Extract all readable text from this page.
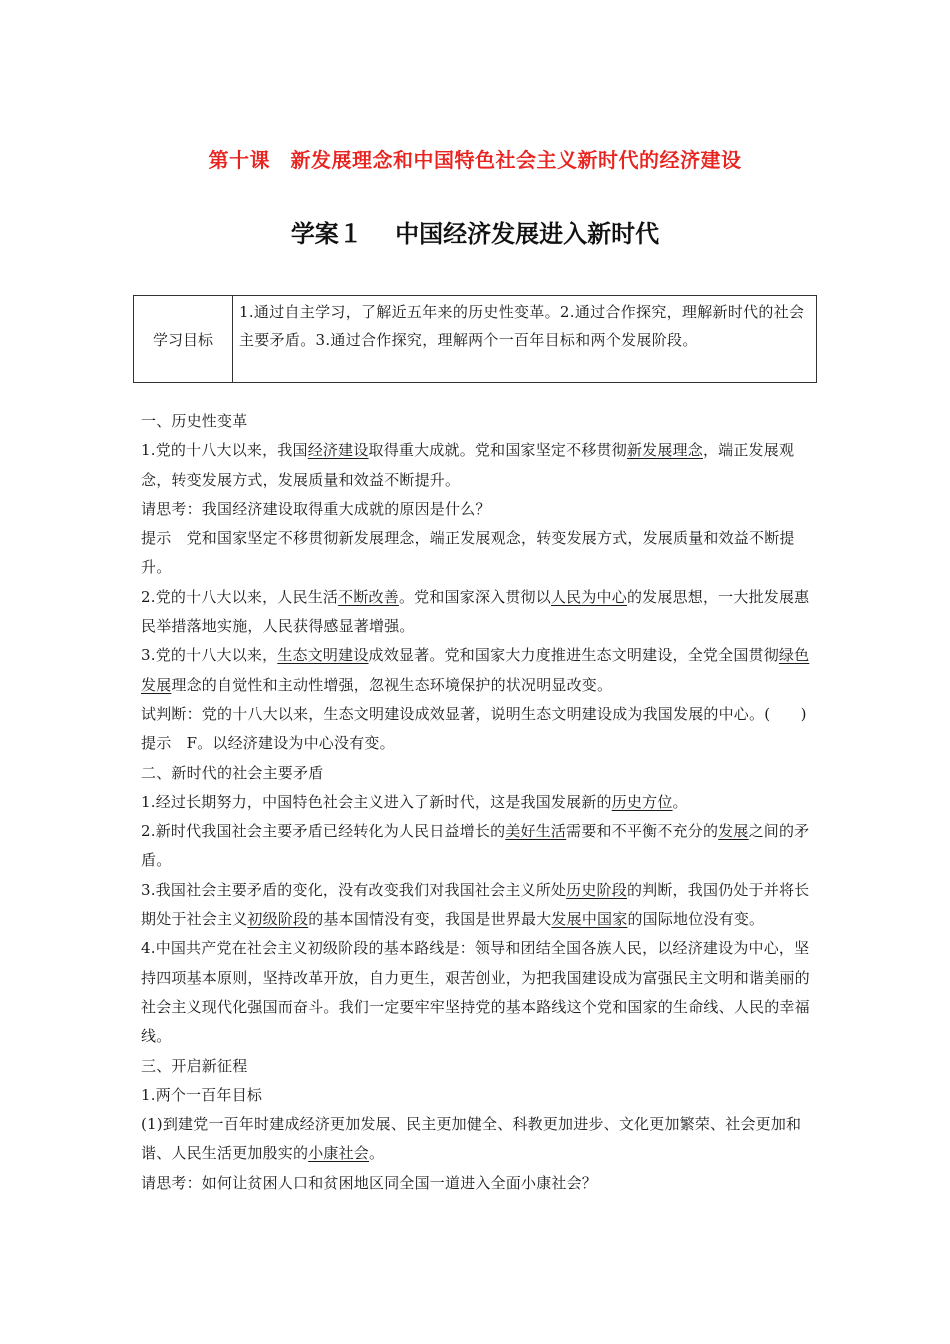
第十课　新发展理念和中国特色社会主义新时代的经济建设
学案１　 中国经济发展进入新时代
学习目标
1.通过自主学习，了解近五年来的历史性变革。2.通过合作探究，理解新时代的社会主要矛盾。3.通过合作探究，理解两个一百年目标和两个发展阶段。

一、历史性变革

1.党的十八大以来，我国经济建设取得重大成就。党和国家坚定不移贯彻新发展理念，端正发展观念，转变发展方式，发展质量和效益不断提升。

请思考：我国经济建设取得重大成就的原因是什么？

提示　党和国家坚定不移贯彻新发展理念，端正发展观念，转变发展方式，发展质量和效益不断提升。

2.党的十八大以来，人民生活不断改善。党和国家深入贯彻以人民为中心的发展思想，一大批发展惠民举措落地实施，人民获得感显著增强。

3.党的十八大以来，生态文明建设成效显著。党和国家大力度推进生态文明建设，全党全国贯彻绿色发展理念的自觉性和主动性增强，忽视生态环境保护的状况明显改变。

试判断：党的十八大以来，生态文明建设成效显著，说明生态文明建设成为我国发展的中心。(　　)

提示　F。以经济建设为中心没有变。

二、新时代的社会主要矛盾

1.经过长期努力，中国特色社会主义进入了新时代，这是我国发展新的历史方位。

2.新时代我国社会主要矛盾已经转化为人民日益增长的美好生活需要和不平衡不充分的发展之间的矛盾。

3.我国社会主要矛盾的变化，没有改变我们对我国社会主义所处历史阶段的判断，我国仍处于并将长期处于社会主义初级阶段的基本国情没有变，我国是世界最大发展中国家的国际地位没有变。

4.中国共产党在社会主义初级阶段的基本路线是：领导和团结全国各族人民，以经济建设为中心，坚持四项基本原则，坚持改革开放，自力更生，艰苦创业，为把我国建设成为富强民主文明和谐美丽的社会主义现代化强国而奋斗。我们一定要牢牢坚持党的基本路线这个党和国家的生命线、人民的幸福线。

三、开启新征程

1.两个一百年目标

(1)到建党一百年时建成经济更加发展、民主更加健全、科教更加进步、文化更加繁荣、社会更加和谐、人民生活更加殷实的小康社会。

请思考：如何让贫困人口和贫困地区同全国一道进入全面小康社会？
